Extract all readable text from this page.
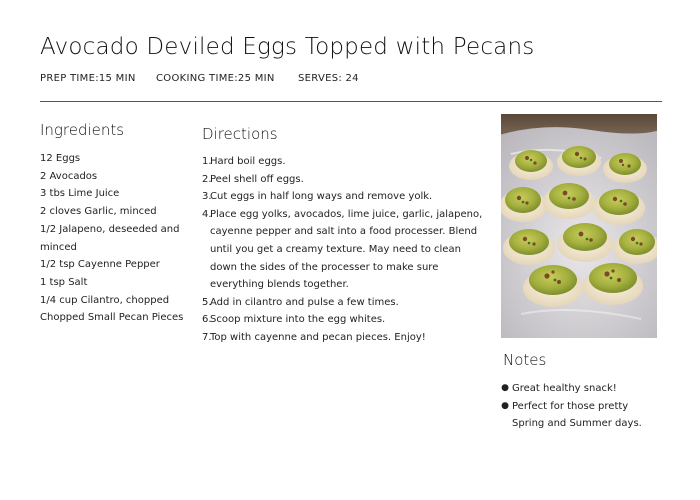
Avocado Deviled Eggs Topped with Pecans
PREP TIME:15 MIN	COOKING TIME:25 MIN	SERVES: 24
Ingredients
12 Eggs
2 Avocados
3 tbs Lime Juice
2 cloves Garlic, minced
1/2 Jalapeno, deseeded and minced
1/2 tsp Cayenne Pepper
1 tsp Salt
1/4 cup Cilantro, chopped
Chopped Small Pecan Pieces
Directions
1.
Hard boil eggs.
2.
Peel shell off eggs.
3.
Cut eggs in half long ways and remove yolk.
4.
Place egg yolks, avocados, lime juice, garlic, jalapeno, cayenne pepper and salt into a food processer. Blend until you get a creamy texture. May need to clean down the sides of the processer to make sure everything blends together.
5.
Add in cilantro and pulse a few times.
6.
Scoop mixture into the egg whites.
7.
Top with cayenne and pecan pieces. Enjoy!
Notes
● Great healthy snack!
● Perfect for those pretty Spring and Summer days.
